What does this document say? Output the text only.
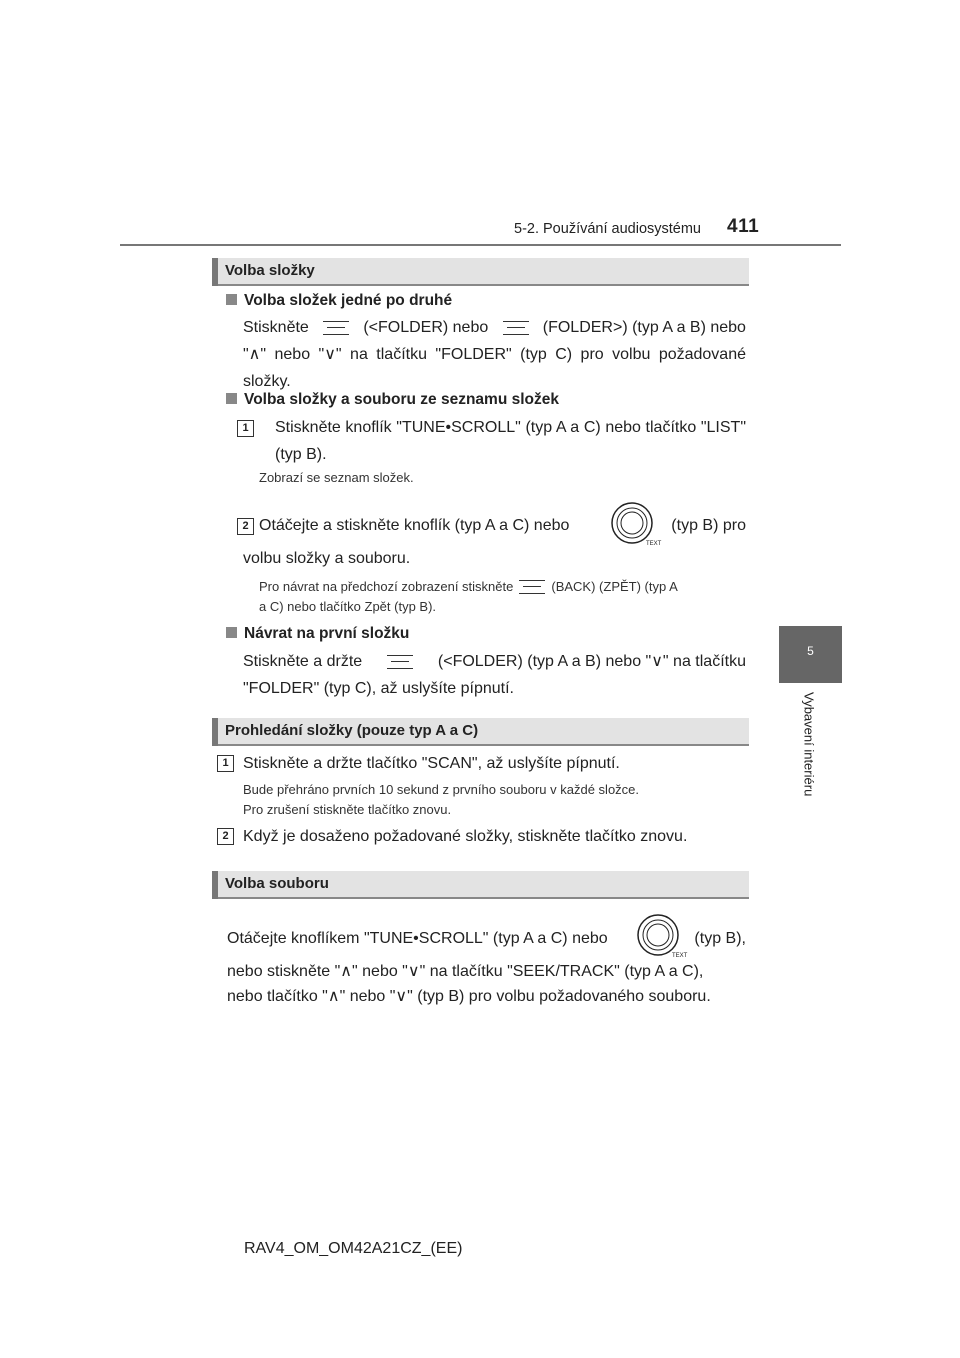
5-2. Používání audiosystému 411
5
Vybavení interiéru
Volba složky
Volba složek jedné po druhé
Stiskněte	(<FOLDER) nebo	(FOLDER>) (typ A a B) nebo
"∧" nebo "∨" na tlačítku "FOLDER" (typ C) pro volbu požadované složky.
Volba složky a souboru ze seznamu složek
1	Stiskněte knoflík "TUNE•SCROLL" (typ A a C) nebo tlačítko "LIST" (typ B).
Zobrazí se seznam složek.
2 Otáčejte a stiskněte knoflík (typ A a C) nebo	(typ B) pro
TEXT
volbu složky a souboru.
Pro návrat na předchozí zobrazení stiskněte	(BACK) (ZPĚT) (typ A
a C) nebo tlačítko Zpět (typ B).
Návrat na první složku
Stiskněte a držte	(<FOLDER) (typ A a B) nebo "∨" na tlačítku
"FOLDER" (typ C), až uslyšíte pípnutí.
Prohledání složky (pouze typ A a C)
1 Stiskněte a držte tlačítko "SCAN", až uslyšíte pípnutí.
Bude přehráno prvních 10 sekund z prvního souboru v každé složce.
Pro zrušení stiskněte tlačítko znovu.
2 Když je dosaženo požadované složky, stiskněte tlačítko znovu.
Volba souboru
Otáčejte knoflíkem "TUNE•SCROLL" (typ A a C) nebo	(typ B),
TEXT
nebo stiskněte "∧" nebo "∨" na tlačítku "SEEK/TRACK" (typ A a C),
nebo tlačítko "∧" nebo "∨" (typ B) pro volbu požadovaného souboru.
RAV4_OM_OM42A21CZ_(EE)
